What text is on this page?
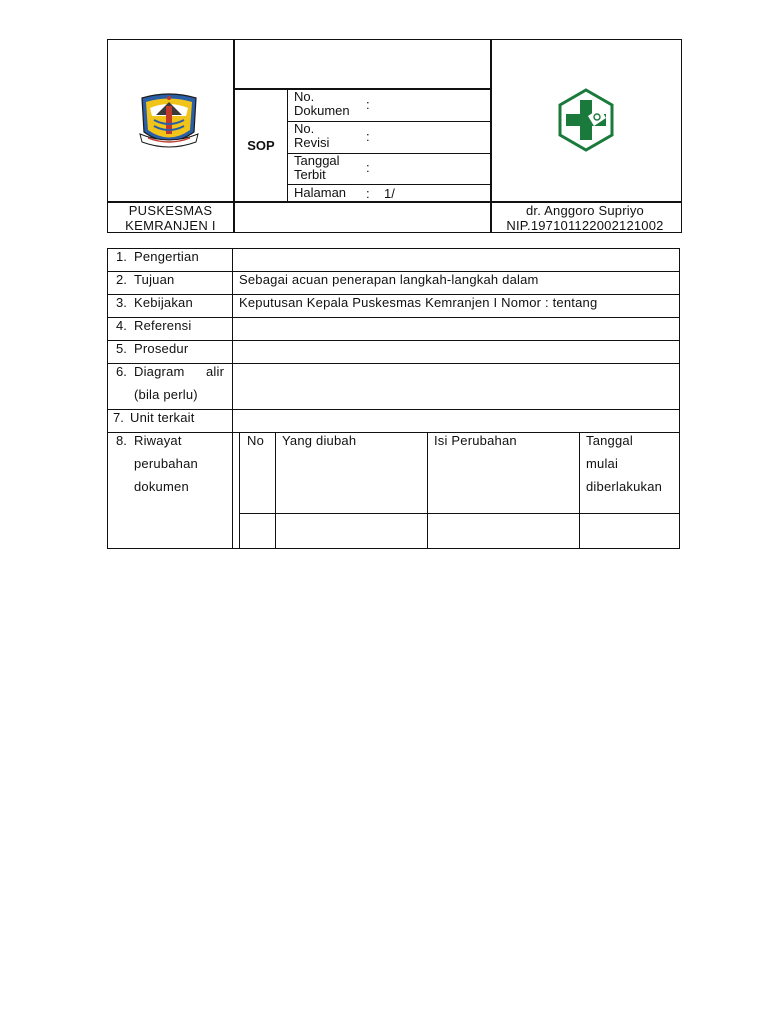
SOP
No.
Dokumen :
No.
Revisi	:
Tanggal
Terbit	:
Halaman : 1/
PUSKESMAS
KEMRANJEN I
dr. Anggoro Supriyo
NIP.197101122002121002
1. Pengertian
2. Tujuan	Sebagai acuan penerapan langkah-langkah dalam
3. Kebijakan	Keputusan Kepala Puskesmas Kemranjen I Nomor : tentang
4. Referensi
5. Prosedur
6. Diagram alir
(bila perlu)
7. Unit terkait
8. Riwayat
perubahan
dokumen
No Yang diubah	Isi Perubahan	Tanggal
mulai
diberlakukan
